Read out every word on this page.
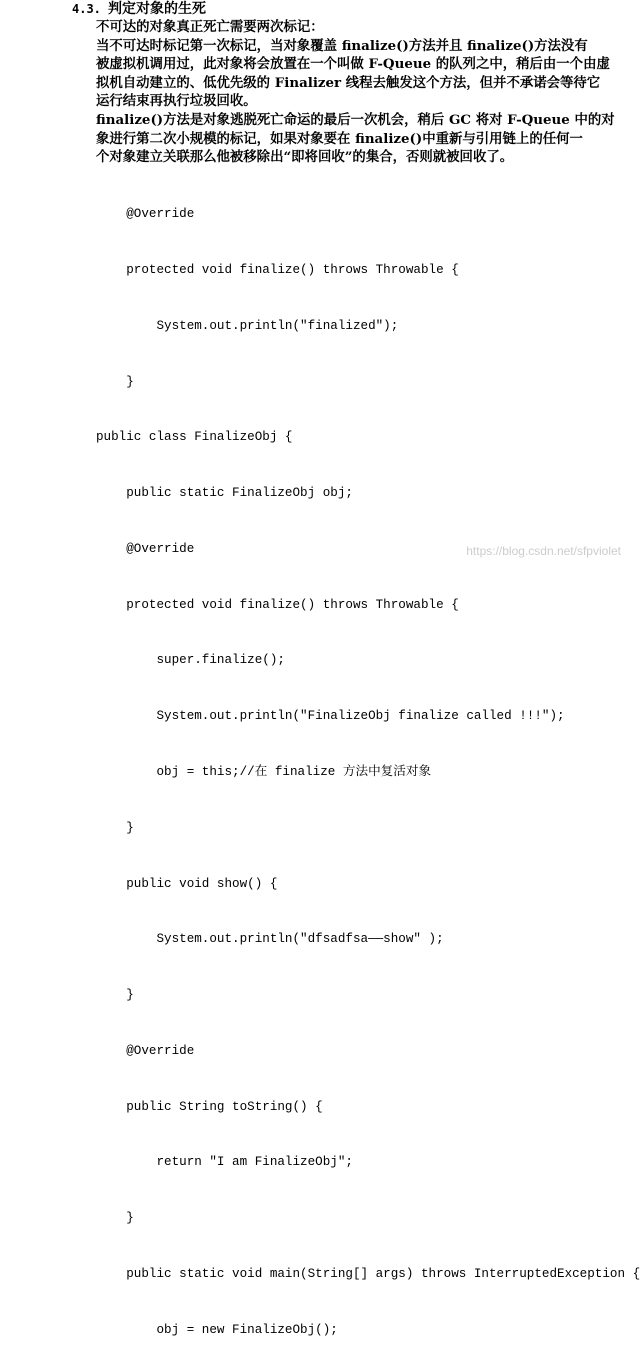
4.3. 判定对象的生死
不可达的对象真正死亡需要两次标记：
当不可达时标记第一次标记，当对象覆盖 finalize()方法并且 finalize()方法没有
被虚拟机调用过，此对象将会放置在一个叫做 F-Queue 的队列之中，稍后由一个由虚
拟机自动建立的、低优先级的 Finalizer 线程去触发这个方法，但并不承诺会等待它
运行结束再执行垃圾回收。
finalize()方法是对象逃脱死亡命运的最后一次机会，稍后 GC 将对 F-Queue 中的对
象进行第二次小规模的标记，如果对象要在 finalize()中重新与引用链上的任何一
个对象建立关联那么他被移除出“即将回收”的集合，否则就被回收了。

@Override

protected void finalize() throws Throwable {

System.out.println("finalized");

}

public class FinalizeObj {

public static FinalizeObj obj;

@Override

protected void finalize() throws Throwable {

super.finalize();

System.out.println("FinalizeObj finalize called !!!");

obj = this;//在 finalize 方法中复活对象

}

public void show() {

System.out.println("dfsadfsa——show" );

}

@Override

public String toString() {

return "I am FinalizeObj";

}

public static void main(String[] args) throws InterruptedException {

obj = new FinalizeObj();

https://blog.csdn.net/sfpviolet
